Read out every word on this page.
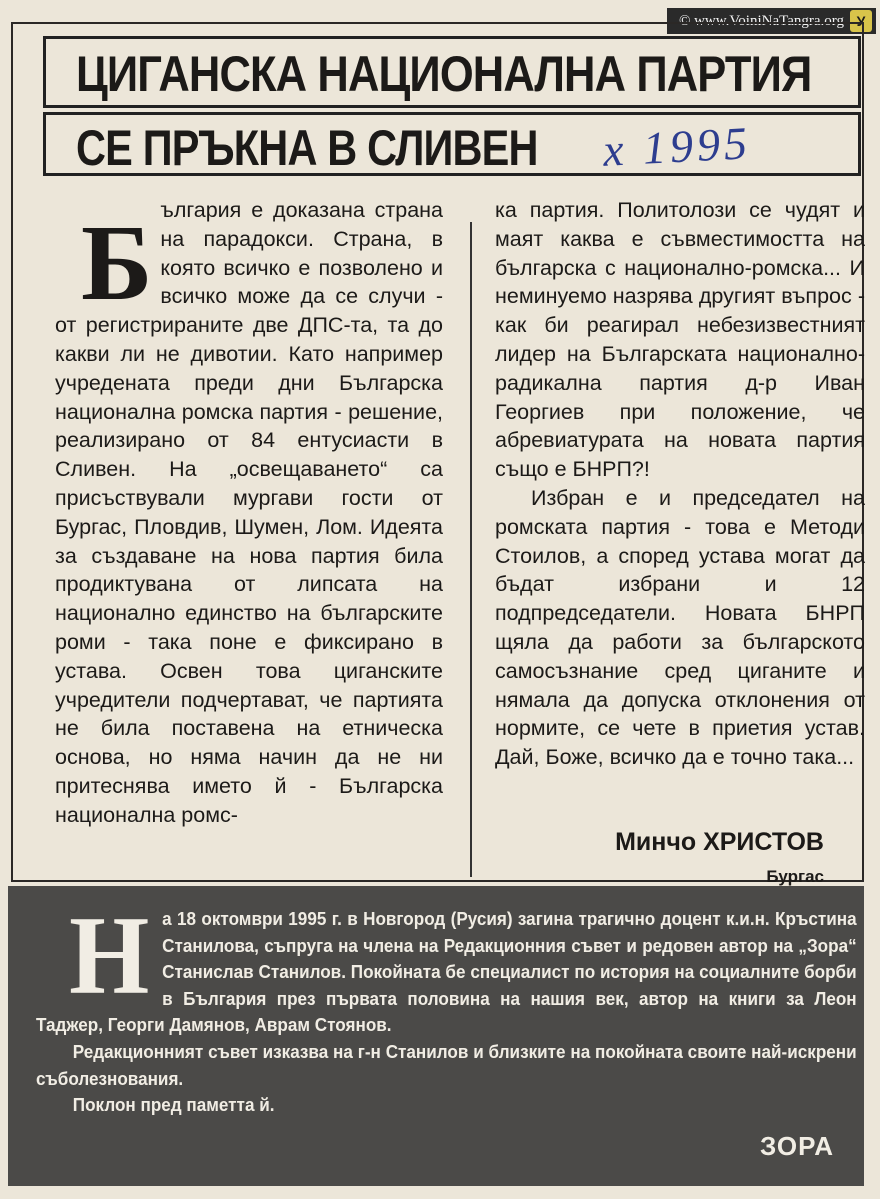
© www.VoiniNaTangra.org У
ЦИГАНСКА НАЦИОНАЛНА ПАРТИЯ
СЕ ПРЪКНА В СЛИВЕН х 1995
Б ългария е доказана страна на парадокси. Страна, в която всичко е позволено и всичко може да се случи - от регистрираните две ДПС-та, та до какви ли не дивотии. Като например учредената преди дни Българска национална ромска партия - решение, реализирано от 84 ентусиасти в Сливен. На „освещаването“ са присъствували мургави гости от Бургас, Пловдив, Шумен, Лом. Идеята за създаване на нова партия била продиктувана от липсата на национално единство на българските роми - така поне е фиксирано в устава. Освен това циганските учредители подчертават, че партията не била поставена на етническа основа, но няма начин да не ни притеснява името й - Българска национална ромс-

ка партия. Политолози се чудят и маят каква е съвместимостта на българска с национално-ромска... И неминуемо назрява другият въпрос - как би реагирал небезизвестният лидер на Българската национално-радикална партия д-р Иван Георгиев при положение, че абревиатурата на новата партия също е БНРП?!

Избран е и председател на ромската партия - това е Методи Стоилов, а според устава могат да бъдат избрани и 12 подпредседатели. Новата БНРП щяла да работи за българското самосъзнание сред циганите и нямала да допуска отклонения от нормите, се чете в приетия устав. Дай, Боже, всичко да е точно така...

Минчо ХРИСТОВ
Бургас
Н а 18 октомври 1995 г. в Новгород (Русия) загина трагично доцент к.и.н. Кръстина Станилова, съпруга на члена на Редакционния съвет и редовен автор на „Зора“ Станислав Станилов. Покойната бе специалист по история на социалните борби в България през първата половина на нашия век, автор на книги за Леон Таджер, Георги Дамянов, Аврам Стоянов.

Редакционният съвет изказва на г-н Станилов и близките на покойната своите най-искрени съболезнования.

Поклон пред паметта й.

ЗОРА
